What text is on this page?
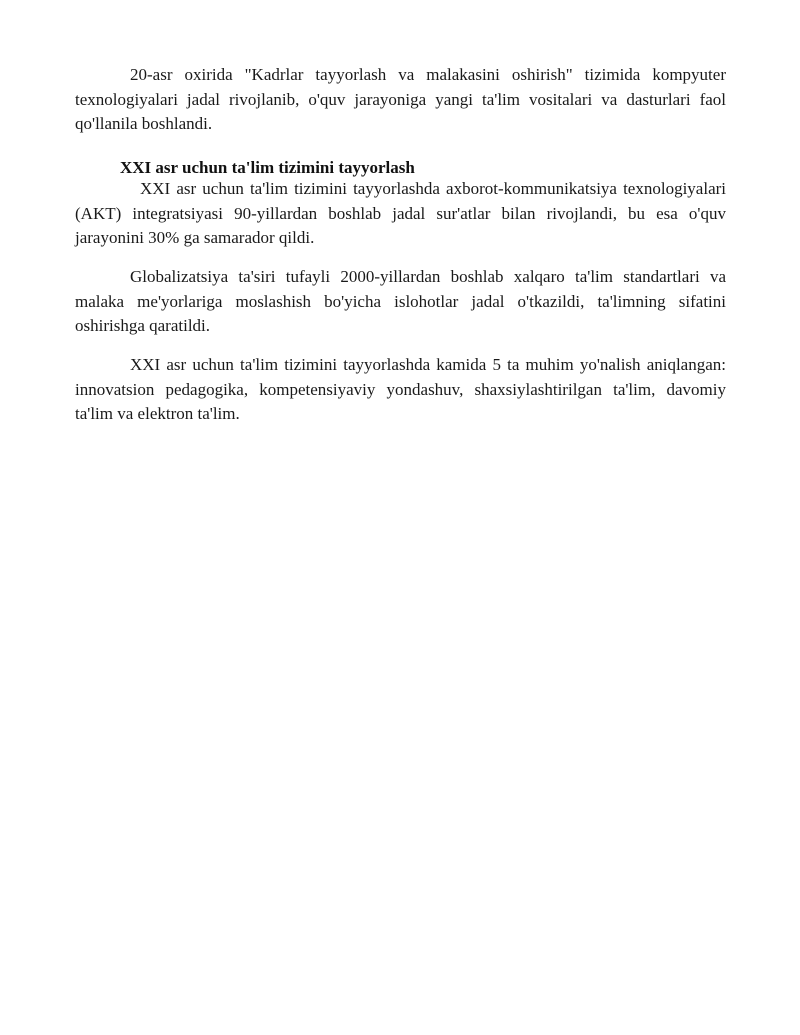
20-asr oxirida "Kadrlar tayyorlash va malakasini oshirish" tizimida kompyuter texnologiyalari jadal rivojlanib, o'quv jarayoniga yangi ta'lim vositalari va dasturlari faol qo'llanila boshlandi.

XXI asr uchun ta'lim tizimini tayyorlash

XXI asr uchun ta'lim tizimini tayyorlashda axborot-kommunikatsiya texnologiyalari (AKT) integratsiyasi 90-yillardan boshlab jadal sur'atlar bilan rivojlandi, bu esa o'quv jarayonini 30% ga samarador qildi.

Globalizatsiya ta'siri tufayli 2000-yillardan boshlab xalqaro ta'lim standartlari va malaka me'yorlariga moslashish bo'yicha islohotlar jadal o'tkazildi, ta'limning sifatini oshirishga qaratildi.

XXI asr uchun ta'lim tizimini tayyorlashda kamida 5 ta muhim yo'nalish aniqlangan: innovatsion pedagogika, kompetensiyaviy yondashuv, shaxsiylashtirilgan ta'lim, davomiy ta'lim va elektron ta'lim.
